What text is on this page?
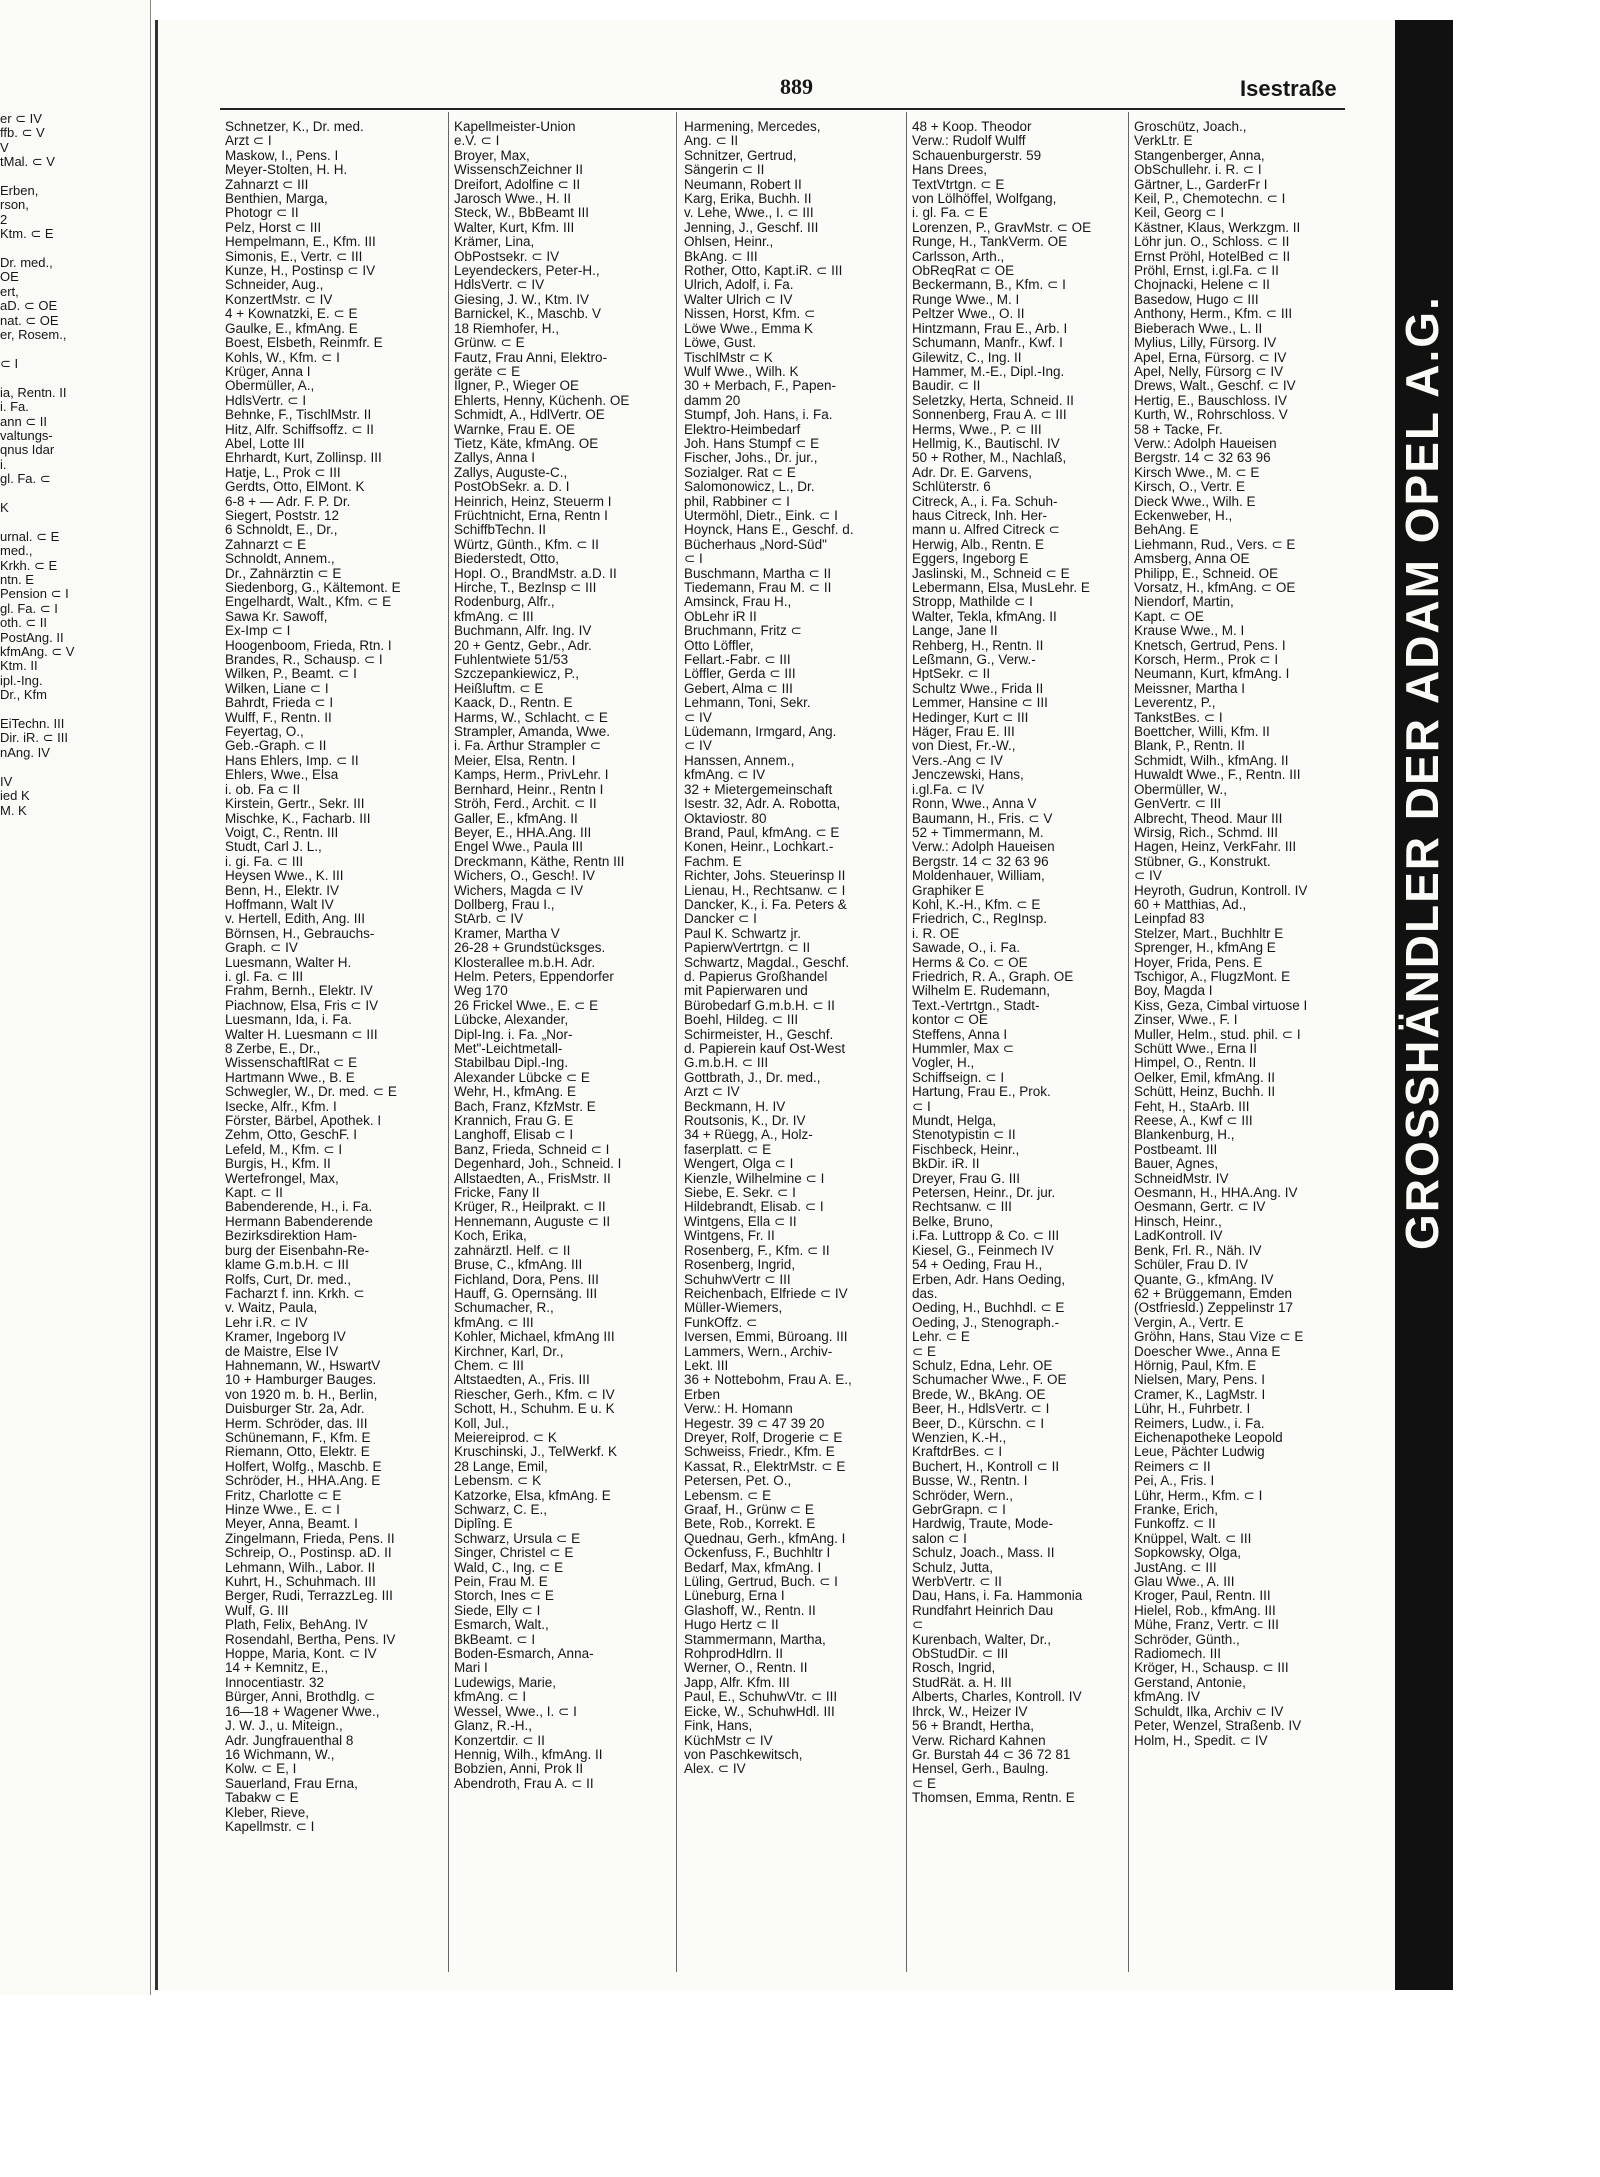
er ⊂ IV
ffb. ⊂ V
V
tMal. ⊂ V

Erben,
rson,
2
Ktm. ⊂ E

Dr. med.,
OE
ert,
aD. ⊂ OE
nat. ⊂ OE
er, Rosem.,

⊂ I

ia, Rentn. II
i. Fa.
ann ⊂ II
valtungs-
qnus Idar
i.
gl. Fa. ⊂

K

urnal. ⊂ E
med.,
Krkh. ⊂ E
ntn. E
Pension ⊂ I
gl. Fa. ⊂ I
oth. ⊂ II
PostAng. II
kfmAng. ⊂ V
Ktm. II
ipl.-Ing.
Dr., Kfm

EiTechn. III
Dir. iR. ⊂ III
nAng. IV

IV
ied K
M. K
889	Isestraße
Schnetzer, K., Dr. med.
Arzt ⊂ I
Maskow, I., Pens. I
Meyer-Stolten, H. H.
Zahnarzt ⊂ III
Benthien, Marga,
Photogr ⊂ II
Pelz, Horst ⊂ III
Hempelmann, E., Kfm. III
Simonis, E., Vertr. ⊂ III
Kunze, H., Postinsp ⊂ IV
Schneider, Aug.,
KonzertMstr. ⊂ IV
4 + Kownatzki, E. ⊂ E
Gaulke, E., kfmAng. E
Boest, Elsbeth, Reinmfr. E
Kohls, W., Kfm. ⊂ I
Krüger, Anna I
Obermüller, A.,
HdlsVertr. ⊂ I
Behnke, F., TischlMstr. II
Hitz, Alfr. Schiffsoffz. ⊂ II
Abel, Lotte III
Ehrhardt, Kurt, Zollinsp. III
Hatje, L., Prok ⊂ III
Gerdts, Otto, ElMont. K
6-8 + — Adr. F. P. Dr.
Siegert, Poststr. 12
6 Schnoldt, E., Dr.,
Zahnarzt ⊂ E
Schnoldt, Annem.,
Dr., Zahnärztin ⊂ E
Siedenborg, G., Kältemont. E
Engelhardt, Walt., Kfm. ⊂ E
Sawa Kr. Sawoff,
Ex-Imp ⊂ I
Hoogenboom, Frieda, Rtn. I
Brandes, R., Schausp. ⊂ I
Wilken, P., Beamt. ⊂ I
Wilken, Liane ⊂ I
Bahrdt, Frieda ⊂ I
Wulff, F., Rentn. II
Feyertag, O.,
Geb.-Graph. ⊂ II
Hans Ehlers, Imp. ⊂ II
Ehlers, Wwe., Elsa
i. ob. Fa ⊂ II
Kirstein, Gertr., Sekr. III
Mischke, K., Facharb. III
Voigt, C., Rentn. III
Studt, Carl J. L.,
i. gi. Fa. ⊂ III
Heysen Wwe., K. III
Benn, H., Elektr. IV
Hoffmann, Walt IV
v. Hertell, Edith, Ang. III
Börnsen, H., Gebrauchs-
Graph. ⊂ IV
Luesmann, Walter H.
i. gl. Fa. ⊂ III
Frahm, Bernh., Elektr. IV
Piachnow, Elsa, Fris ⊂ IV
Luesmann, Ida, i. Fa.
Walter H. Luesmann ⊂ III
8 Zerbe, E., Dr.,
WissenschaftlRat ⊂ E
Hartmann Wwe., B. E
Schwegler, W., Dr. med. ⊂ E
Isecke, Alfr., Kfm. I
Förster, Bärbel, Apothek. I
Zehm, Otto, GeschF. I
Lefeld, M., Kfm. ⊂ I
Burgis, H., Kfm. II
Wertefrongel, Max,
Kapt. ⊂ II
Babenderende, H., i. Fa.
Hermann Babenderende
Bezirksdirektion Ham-
burg der Eisenbahn-Re-
klame G.m.b.H. ⊂ III
Rolfs, Curt, Dr. med.,
Facharzt f. inn. Krkh. ⊂
v. Waitz, Paula,
Lehr i.R. ⊂ IV
Kramer, Ingeborg IV
de Maistre, Else IV
Hahnemann, W., HswartV
10 + Hamburger Bauges.
von 1920 m. b. H., Berlin,
Duisburger Str. 2a, Adr.
Herm. Schröder, das. III
Schünemann, F., Kfm. E
Riemann, Otto, Elektr. E
Holfert, Wolfg., Maschb. E
Schröder, H., HHA.Ang. E
Fritz, Charlotte ⊂ E
Hinze Wwe., E. ⊂ I
Meyer, Anna, Beamt. I
Zingelmann, Frieda, Pens. II
Schreip, O., Postinsp. aD. II
Lehmann, Wilh., Labor. II
Kuhrt, H., Schuhmach. III
Berger, Rudi, TerrazzLeg. III
Wulf, G. III
Plath, Felix, BehAng. IV
Rosendahl, Bertha, Pens. IV
Hoppe, Maria, Kont. ⊂ IV
14 + Kemnitz, E.,
Innocentiastr. 32
Bürger, Anni, Brothdlg. ⊂
16—18 + Wagener Wwe.,
J. W. J., u. Miteign.,
Adr. Jungfrauenthal 8
16 Wichmann, W.,
Kolw. ⊂ E, I
Sauerland, Frau Erna,
Tabakw ⊂ E
Kleber, Rieve,
Kapellmstr. ⊂ I
Kapellmeister-Union
e.V. ⊂ I
Broyer, Max,
WissenschZeichner II
Dreifort, Adolfine ⊂ II
Jarosch Wwe., H. II
Steck, W., BbBeamt III
Walter, Kurt, Kfm. III
Krämer, Lina,
ObPostsekr. ⊂ IV
Leyendeckers, Peter-H.,
HdlsVertr. ⊂ IV
Giesing, J. W., Ktm. IV
Barnickel, K., Maschb. V
18 Riemhofer, H.,
Grünw. ⊂ E
Fautz, Frau Anni, Elektro-
geräte ⊂ E
Ilgner, P., Wieger OE
Ehlerts, Henny, Küchenh. OE
Schmidt, A., HdlVertr. OE
Warnke, Frau E. OE
Tietz, Käte, kfmAng. OE
Zallys, Anna I
Zallys, Auguste-C.,
PostObSekr. a. D. I
Heinrich, Heinz, Steuerm I
Früchtnicht, Erna, Rentn I
SchiffbTechn. II
Würtz, Günth., Kfm. ⊂ II
Biederstedt, Otto,
HopI. O., BrandMstr. a.D. II
Hirche, T., Bezlnsp ⊂ III
Rodenburg, Alfr.,
kfmAng. ⊂ III
Buchmann, Alfr. Ing. IV
20 + Gentz, Gebr., Adr.
Fuhlentwiete 51/53
Szczepankiewicz, P.,
Heißluftm. ⊂ E
Kaack, D., Rentn. E
Harms, W., Schlacht. ⊂ E
Strampler, Amanda, Wwe.
i. Fa. Arthur Strampler ⊂
Meier, Elsa, Rentn. I
Kamps, Herm., PrivLehr. I
Bernhard, Heinr., Rentn I
Ströh, Ferd., Archit. ⊂ II
Galler, E., kfmAng. II
Beyer, E., HHA.Ang. III
Engel Wwe., Paula III
Dreckmann, Käthe, Rentn III
Wichers, O., Gesch!. IV
Wichers, Magda ⊂ IV
Dollberg, Frau I.,
StArb. ⊂ IV
Kramer, Martha V
26-28 + Grundstücksges.
Klosterallee m.b.H. Adr.
Helm. Peters, Eppendorfer
Weg 170
26 Frickel Wwe., E. ⊂ E
Lübcke, Alexander,
Dipl-Ing. i. Fa. „Nor-
Met"-Leichtmetall-
Stabilbau Dipl.-Ing.
Alexander Lübcke ⊂ E
Wehr, H., kfmAng. E
Bach, Franz, KfzMstr. E
Krannich, Frau G. E
Langhoff, Elisab ⊂ I
Banz, Frieda, Schneid ⊂ I
Degenhard, Joh., Schneid. I
Allstaedten, A., FrisMstr. II
Fricke, Fany II
Krüger, R., Heilprakt. ⊂ II
Hennemann, Auguste ⊂ II
Koch, Erika,
zahnärztl. Helf. ⊂ II
Bruse, C., kfmAng. III
Fichland, Dora, Pens. III
Hauff, G. Opernsäng. III
Schumacher, R.,
kfmAng. ⊂ III
Kohler, Michael, kfmAng III
Kirchner, Karl, Dr.,
Chem. ⊂ III
Altstaedten, A., Fris. III
Riescher, Gerh., Kfm. ⊂ IV
Schott, H., Schuhm. E u. K
Koll, Jul.,
Meiereiprod. ⊂ K
Kruschinski, J., TelWerkf. K
28 Lange, Emil,
Lebensm. ⊂ K
Katzorke, Elsa, kfmAng. E
Schwarz, C. E.,
Diplîng. E
Schwarz, Ursula ⊂ E
Singer, Christel ⊂ E
Wald, C., Ing. ⊂ E
Pein, Frau M. E
Storch, Ines ⊂ E
Siede, Elly ⊂ I
Esmarch, Walt.,
BkBeamt. ⊂ I
Boden-Esmarch, Anna-
Mari I
Ludewigs, Marie,
kfmAng. ⊂ I
Wessel, Wwe., I. ⊂ I
Glanz, R.-H.,
Konzertdir. ⊂ II
Hennig, Wilh., kfmAng. II
Bobzien, Anni, Prok II
Abendroth, Frau A. ⊂ II
Harmening, Mercedes,
Ang. ⊂ II
Schnitzer, Gertrud,
Sängerin ⊂ II
Neumann, Robert II
Karg, Erika, Buchh. II
v. Lehe, Wwe., I. ⊂ III
Jenning, J., Geschf. III
Ohlsen, Heinr.,
BkAng. ⊂ III
Rother, Otto, Kapt.iR. ⊂ III
Ulrich, Adolf, i. Fa.
Walter Ulrich ⊂ IV
Nissen, Horst, Kfm. ⊂
Löwe Wwe., Emma K
Löwe, Gust.
TischlMstr ⊂ K
Wulf Wwe., Wilh. K
30 + Merbach, F., Papen-
damm 20
Stumpf, Joh. Hans, i. Fa.
Elektro-Heimbedarf
Joh. Hans Stumpf ⊂ E
Fischer, Johs., Dr. jur.,
Sozialger. Rat ⊂ E
Salomonowicz, L., Dr.
phil, Rabbiner ⊂ I
Utermöhl, Dietr., Eink. ⊂ I
Hoynck, Hans E., Geschf. d.
Bücherhaus „Nord-Süd"
⊂ I
Buschmann, Martha ⊂ II
Tiedemann, Frau M. ⊂ II
Amsinck, Frau H.,
ObLehr iR II
Bruchmann, Fritz ⊂
Otto Löffler,
Fellart.-Fabr. ⊂ III
Löffler, Gerda ⊂ III
Gebert, Alma ⊂ III
Lehmann, Toni, Sekr.
⊂ IV
Lüdemann, Irmgard, Ang.
⊂ IV
Hanssen, Annem.,
kfmAng. ⊂ IV
32 + Mietergemeinschaft
Isestr. 32, Adr. A. Robotta,
Oktaviostr. 80
Brand, Paul, kfmAng. ⊂ E
Konen, Heinr., Lochkart.-
Fachm. E
Richter, Johs. Steuerinsp II
Lienau, H., Rechtsanw. ⊂ I
Dancker, K., i. Fa. Peters &
Dancker ⊂ I
Paul K. Schwartz jr.
PapierwVertrtgn. ⊂ II
Schwartz, Magdal., Geschf.
d. Papierus Großhandel
mit Papierwaren und
Bürobedarf G.m.b.H. ⊂ II
Boehl, Hildeg. ⊂ III
Schirmeister, H., Geschf.
d. Papierein kauf Ost-West
G.m.b.H. ⊂ III
Gottbrath, J., Dr. med.,
Arzt ⊂ IV
Beckmann, H. IV
Routsonis, K., Dr. IV
34 + Rüegg, A., Holz-
faserplatt. ⊂ E
Wengert, Olga ⊂ I
Kienzle, Wilhelmine ⊂ I
Siebe, E. Sekr. ⊂ I
Hildebrandt, Elisab. ⊂ I
Wintgens, Ella ⊂ II
Wintgens, Fr. II
Rosenberg, F., Kfm. ⊂ II
Rosenberg, Ingrid,
SchuhwVertr ⊂ III
Reichenbach, Elfriede ⊂ IV
Müller-Wiemers,
FunkOffz. ⊂
Iversen, Emmi, Büroang. III
Lammers, Wern., Archiv-
Lekt. III
36 + Nottebohm, Frau A. E.,
Erben
Verw.: H. Homann
Hegestr. 39 ⊂ 47 39 20
Dreyer, Rolf, Drogerie ⊂ E
Schweiss, Friedr., Kfm. E
Kassat, R., ElektrMstr. ⊂ E
Petersen, Pet. O.,
Lebensm. ⊂ E
Graaf, H., Grünw ⊂ E
Bete, Rob., Korrekt. E
Quednau, Gerh., kfmAng. I
Ockenfuss, F., Buchhltr I
Bedarf, Max, kfmAng. I
Lüling, Gertrud, Buch. ⊂ I
Lüneburg, Erna I
Glashoff, W., Rentn. II
Hugo Hertz ⊂ II
Stammermann, Martha,
RohprodHdlrn. II
Werner, O., Rentn. II
Japp, Alfr. Kfm. III
Paul, E., SchuhwVtr. ⊂ III
Eicke, W., SchuhwHdl. III
Fink, Hans,
KüchMstr ⊂ IV
von Paschkewitsch,
Alex. ⊂ IV
48 + Koop. Theodor
Verw.: Rudolf Wulff
Schauenburgerstr. 59
Hans Drees,
TextVtrtgn. ⊂ E
von Lölhöffel, Wolfgang,
i. gl. Fa. ⊂ E
Lorenzen, P., GravMstr. ⊂ OE
Runge, H., TankVerm. OE
Carlsson, Arth.,
ObReqRat ⊂ OE
Beckermann, B., Kfm. ⊂ I
Runge Wwe., M. I
Peltzer Wwe., O. II
Hintzmann, Frau E., Arb. I
Schumann, Manfr., Kwf. I
Gilewitz, C., Ing. II
Hammer, M.-E., Dipl.-Ing.
Baudir. ⊂ II
Seletzky, Herta, Schneid. II
Sonnenberg, Frau A. ⊂ III
Herms, Wwe., P. ⊂ III
Hellmig, K., Bautischl. IV
50 + Rother, M., Nachlaß,
Adr. Dr. E. Garvens,
Schlüterstr. 6
Citreck, A., i. Fa. Schuh-
haus Citreck, Inh. Her-
mann u. Alfred Citreck ⊂
Herwig, Alb., Rentn. E
Eggers, Ingeborg E
Jaslinski, M., Schneid ⊂ E
Lebermann, Elsa, MusLehr. E
Stropp, Mathilde ⊂ I
Walter, Tekla, kfmAng. II
Lange, Jane II
Rehberg, H., Rentn. II
Leßmann, G., Verw.-
HptSekr. ⊂ II
Schultz Wwe., Frida II
Lemmer, Hansine ⊂ III
Hedinger, Kurt ⊂ III
Häger, Frau E. III
von Diest, Fr.-W.,
Vers.-Ang ⊂ IV
Jenczewski, Hans,
i.gl.Fa. ⊂ IV
Ronn, Wwe., Anna V
Baumann, H., Fris. ⊂ V
52 + Timmermann, M.
Verw.: Adolph Haueisen
Bergstr. 14 ⊂ 32 63 96
Moldenhauer, William,
Graphiker E
Kohl, K.-H., Kfm. ⊂ E
Friedrich, C., RegInsp.
i. R. OE
Sawade, O., i. Fa.
Herms & Co. ⊂ OE
Friedrich, R. A., Graph. OE
Wilhelm E. Rudemann,
Text.-Vertrtgn., Stadt-
kontor ⊂ OE
Steffens, Anna I
Hummler, Max ⊂
Vogler, H.,
Schiffseign. ⊂ I
Hartung, Frau E., Prok.
⊂ I
Mundt, Helga,
Stenotypistin ⊂ II
Fischbeck, Heinr.,
BkDir. iR. II
Dreyer, Frau G. III
Petersen, Heinr., Dr. jur.
Rechtsanw. ⊂ III
Belke, Bruno,
i.Fa. Luttropp & Co. ⊂ III
Kiesel, G., Feinmech IV
54 + Oeding, Frau H.,
Erben, Adr. Hans Oeding,
das.
Oeding, H., Buchhdl. ⊂ E
Oeding, J., Stenograph.-
Lehr. ⊂ E
⊂ E
Schulz, Edna, Lehr. OE
Schumacher Wwe., F. OE
Brede, W., BkAng. OE
Beer, H., HdlsVertr. ⊂ I
Beer, D., Kürschn. ⊂ I
Wenzien, K.-H.,
KraftdrBes. ⊂ I
Buchert, H., Kontroll ⊂ II
Busse, W., Rentn. I
Schröder, Wern.,
GebrGrapn. ⊂ I
Hardwig, Traute, Mode-
salon ⊂ I
Schulz, Joach., Mass. II
Schulz, Jutta,
WerbVertr. ⊂ II
Dau, Hans, i. Fa. Hammonia
Rundfahrt Heinrich Dau
⊂
Kurenbach, Walter, Dr.,
ObStudDir. ⊂ III
Rosch, Ingrid,
StudRät. a. H. III
Alberts, Charles, Kontroll. IV
Ihrck, W., Heizer IV
56 + Brandt, Hertha,
Verw. Richard Kahnen
Gr. Burstah 44 ⊂ 36 72 81
Hensel, Gerh., Baulng.
⊂ E
Thomsen, Emma, Rentn. E
Groschütz, Joach.,
VerkLtr. E
Stangenberger, Anna,
ObSchullehr. i. R. ⊂ I
Gärtner, L., GarderFr I
Keil, P., Chemotechn. ⊂ I
Keil, Georg ⊂ I
Kästner, Klaus, Werkzgm. II
Löhr jun. O., Schloss. ⊂ II
Ernst Pröhl, HotelBed ⊂ II
Pröhl, Ernst, i.gl.Fa. ⊂ II
Chojnacki, Helene ⊂ II
Basedow, Hugo ⊂ III
Anthony, Herm., Kfm. ⊂ III
Bieberach Wwe., L. II
Mylius, Lilly, Fürsorg. IV
Apel, Erna, Fürsorg. ⊂ IV
Apel, Nelly, Fürsorg ⊂ IV
Drews, Walt., Geschf. ⊂ IV
Hertig, E., Bauschloss. IV
Kurth, W., Rohrschloss. V
58 + Tacke, Fr.
Verw.: Adolph Haueisen
Bergstr. 14 ⊂ 32 63 96
Kirsch Wwe., M. ⊂ E
Kirsch, O., Vertr. E
Dieck Wwe., Wilh. E
Eckenweber, H.,
BehAng. E
Liehmann, Rud., Vers. ⊂ E
Amsberg, Anna OE
Philipp, E., Schneid. OE
Vorsatz, H., kfmAng. ⊂ OE
Niendorf, Martin,
Kapt. ⊂ OE
Krause Wwe., M. I
Knetsch, Gertrud, Pens. I
Korsch, Herm., Prok ⊂ I
Neumann, Kurt, kfmAng. I
Meissner, Martha I
Leverentz, P.,
TankstBes. ⊂ I
Boettcher, Willi, Kfm. II
Blank, P., Rentn. II
Schmidt, Wilh., kfmAng. II
Huwaldt Wwe., F., Rentn. III
Obermüller, W.,
GenVertr. ⊂ III
Albrecht, Theod. Maur III
Wirsig, Rich., Schmd. III
Hagen, Heinz, VerkFahr. III
Stübner, G., Konstrukt.
⊂ IV
Heyroth, Gudrun, Kontroll. IV
60 + Matthias, Ad.,
Leinpfad 83
Stelzer, Mart., Buchhltr E
Sprenger, H., kfmAng E
Hoyer, Frida, Pens. E
Tschigor, A., FlugzMont. E
Boy, Magda I
Kiss, Geza, Cimbal virtuose I
Zinser, Wwe., F. I
Muller, Helm., stud. phil. ⊂ I
Schütt Wwe., Erna II
Himpel, O., Rentn. II
Oelker, Emil, kfmAng. II
Schütt, Heinz, Buchh. II
Feht, H., StaArb. III
Reese, A., Kwf ⊂ III
Blankenburg, H.,
Postbeamt. III
Bauer, Agnes,
SchneidMstr. IV
Oesmann, H., HHA.Ang. IV
Oesmann, Gertr. ⊂ IV
Hinsch, Heinr.,
LadKontroll. IV
Benk, Frl. R., Näh. IV
Schüler, Frau D. IV
Quante, G., kfmAng. IV
62 + Brüggemann, Emden
(Ostfriesld.) Zeppelinstr 17
Vergin, A., Vertr. E
Gröhn, Hans, Stau Vize ⊂ E
Doescher Wwe., Anna E
Hörnig, Paul, Kfm. E
Nielsen, Mary, Pens. I
Cramer, K., LagMstr. I
Lühr, H., Fuhrbetr. I
Reimers, Ludw., i. Fa.
Eichenapotheke Leopold
Leue, Pächter Ludwig
Reimers ⊂ II
Pei, A., Fris. I
Lühr, Herm., Kfm. ⊂ I
Franke, Erich,
Funkoffz. ⊂ II
Knüppel, Walt. ⊂ III
Sopkowsky, Olga,
JustAng. ⊂ III
Glau Wwe., A. III
Kroger, Paul, Rentn. III
Hielel, Rob., kfmAng. III
Mühe, Franz, Vertr. ⊂ III
Schröder, Günth.,
Radiomech. III
Kröger, H., Schausp. ⊂ III
Gerstand, Antonie,
kfmAng. IV
Schuldt, Ilka, Archiv ⊂ IV
Peter, Wenzel, Straßenb. IV
Holm, H., Spedit. ⊂ IV
